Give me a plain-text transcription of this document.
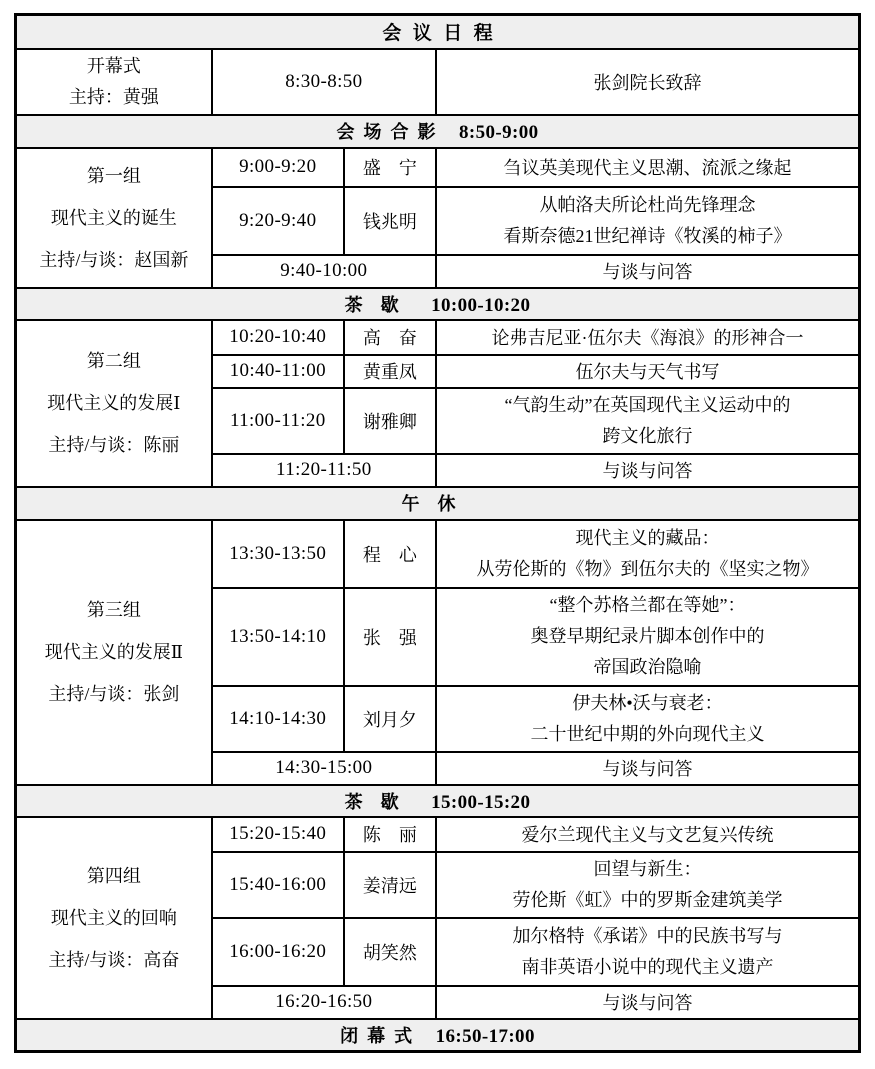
会议日程			

开幕式
主持：黄强	8:30-8:50		张剑院长致辞
会场合影 8:50-9:00			

第一组
现代主义的诞生
主持/与谈：赵国新	9:00-9:20	盛　宁	刍议英美现代主义思潮、流派之缘起

	9:20-9:40	钱兆明	从帕洛夫所论杜尚先锋理念
看斯奈德21世纪禅诗《牧溪的柿子》

	9:40-10:00		与谈与问答
茶歇 10:00-10:20			

第二组
现代主义的发展Ⅰ
主持/与谈：陈丽	10:20-10:40	高　奋	论弗吉尼亚·伍尔夫《海浪》的形神合一

	10:40-11:00	黄重凤	伍尔夫与天气书写

	11:00-11:20	谢雅卿	“气韵生动”在英国现代主义运动中的
跨文化旅行

	11:20-11:50		与谈与问答
午休			

第三组
现代主义的发展Ⅱ
主持/与谈：张剑
	13:30-13:50	程　心	
现代主义的藏品：
从劳伦斯的《物》到伍尔夫的《坚实之物》

	13:50-14:10	张　强	“整个苏格兰都在等她”：
奥登早期纪录片脚本创作中的
帝国政治隐喻

	14:10-14:30	刘月夕	伊夫林•沃与衰老：
二十世纪中期的外向现代主义

	14:30-15:00		与谈与问答
茶歇 15:00-15:20			

第四组
现代主义的回响
主持/与谈：高奋	15:20-15:40	陈　丽	爱尔兰现代主义与文艺复兴传统

	15:40-16:00	姜清远	回望与新生：
劳伦斯《虹》中的罗斯金建筑美学

	16:00-16:20	胡笑然	加尔格特《承诺》中的民族书写与
南非英语小说中的现代主义遗产

	16:20-16:50		与谈与问答
闭幕式 16:50-17:00			
